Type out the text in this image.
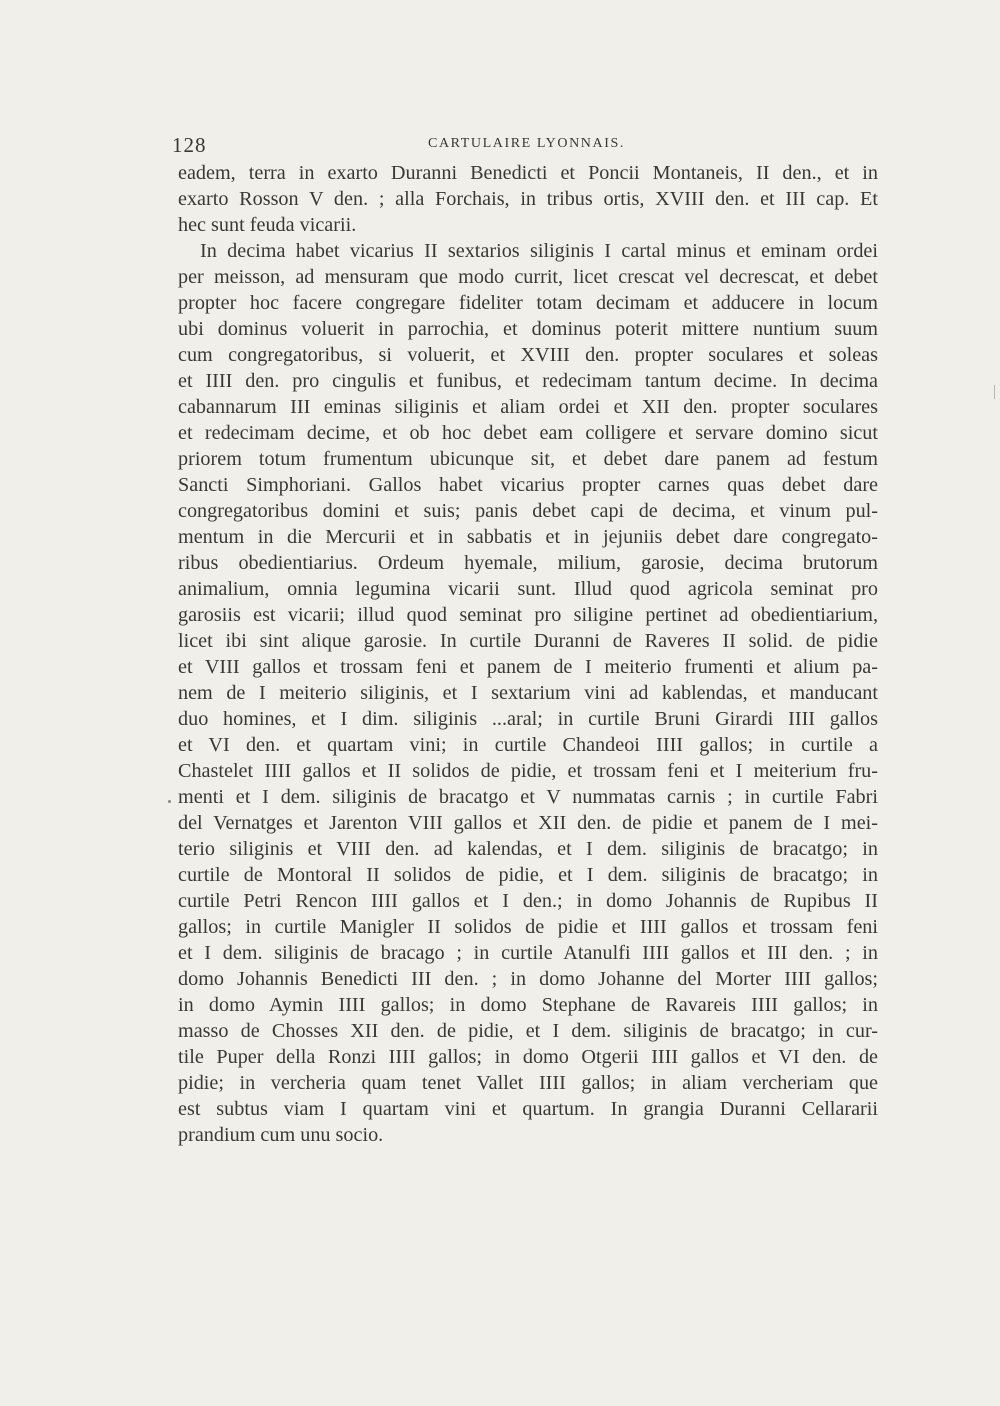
128	CARTULAIRE LYONNAIS.
eadem, terra in exarto Duranni Benedicti et Poncii Montaneis, II den., et in
exarto Rosson V den. ; alla Forchais, in tribus ortis, XVIII den. et III cap. Et
hec sunt feuda vicarii.
In decima habet vicarius II sextarios siliginis I cartal minus et eminam ordei
per meisson, ad mensuram que modo currit, licet crescat vel decrescat, et debet
propter hoc facere congregare fideliter totam decimam et adducere in locum
ubi dominus voluerit in parrochia, et dominus poterit mittere nuntium suum
cum congregatoribus, si voluerit, et XVIII den. propter soculares et soleas
et IIII den. pro cingulis et funibus, et redecimam tantum decime. In decima
cabannarum III eminas siliginis et aliam ordei et XII den. propter soculares
et redecimam decime, et ob hoc debet eam colligere et servare domino sicut
priorem totum frumentum ubicunque sit, et debet dare panem ad festum
Sancti Simphoriani. Gallos habet vicarius propter carnes quas debet dare
congregatoribus domini et suis; panis debet capi de decima, et vinum pul-
mentum in die Mercurii et in sabbatis et in jejuniis debet dare congregato-
ribus obedientiarius. Ordeum hyemale, milium, garosie, decima brutorum
animalium, omnia legumina vicarii sunt. Illud quod agricola seminat pro
garosiis est vicarii; illud quod seminat pro siligine pertinet ad obedientiarium,
licet ibi sint alique garosie. In curtile Duranni de Raveres II solid. de pidie
et VIII gallos et trossam feni et panem de I meiterio frumenti et alium pa-
nem de I meiterio siliginis, et I sextarium vini ad kablendas, et manducant
duo homines, et I dim. siliginis ...aral; in curtile Bruni Girardi IIII gallos
et VI den. et quartam vini; in curtile Chandeoi IIII gallos; in curtile a
Chastelet IIII gallos et II solidos de pidie, et trossam feni et I meiterium fru-
menti et I dem. siliginis de bracatgo et V nummatas carnis ; in curtile Fabri
del Vernatges et Jarenton VIII gallos et XII den. de pidie et panem de I mei-
terio siliginis et VIII den. ad kalendas, et I dem. siliginis de bracatgo; in
curtile de Montoral II solidos de pidie, et I dem. siliginis de bracatgo; in
curtile Petri Rencon IIII gallos et I den.; in domo Johannis de Rupibus II
gallos; in curtile Manigler II solidos de pidie et IIII gallos et trossam feni
et I dem. siliginis de bracago ; in curtile Atanulfi IIII gallos et III den. ; in
domo Johannis Benedicti III den. ; in domo Johanne del Morter IIII gallos;
in domo Aymin IIII gallos; in domo Stephane de Ravareis IIII gallos; in
masso de Chosses XII den. de pidie, et I dem. siliginis de bracatgo; in cur-
tile Puper della Ronzi IIII gallos; in domo Otgerii IIII gallos et VI den. de
pidie; in vercheria quam tenet Vallet IIII gallos; in aliam vercheriam que
est subtus viam I quartam vini et quartum. In grangia Duranni Cellararii
prandium cum unu socio.
